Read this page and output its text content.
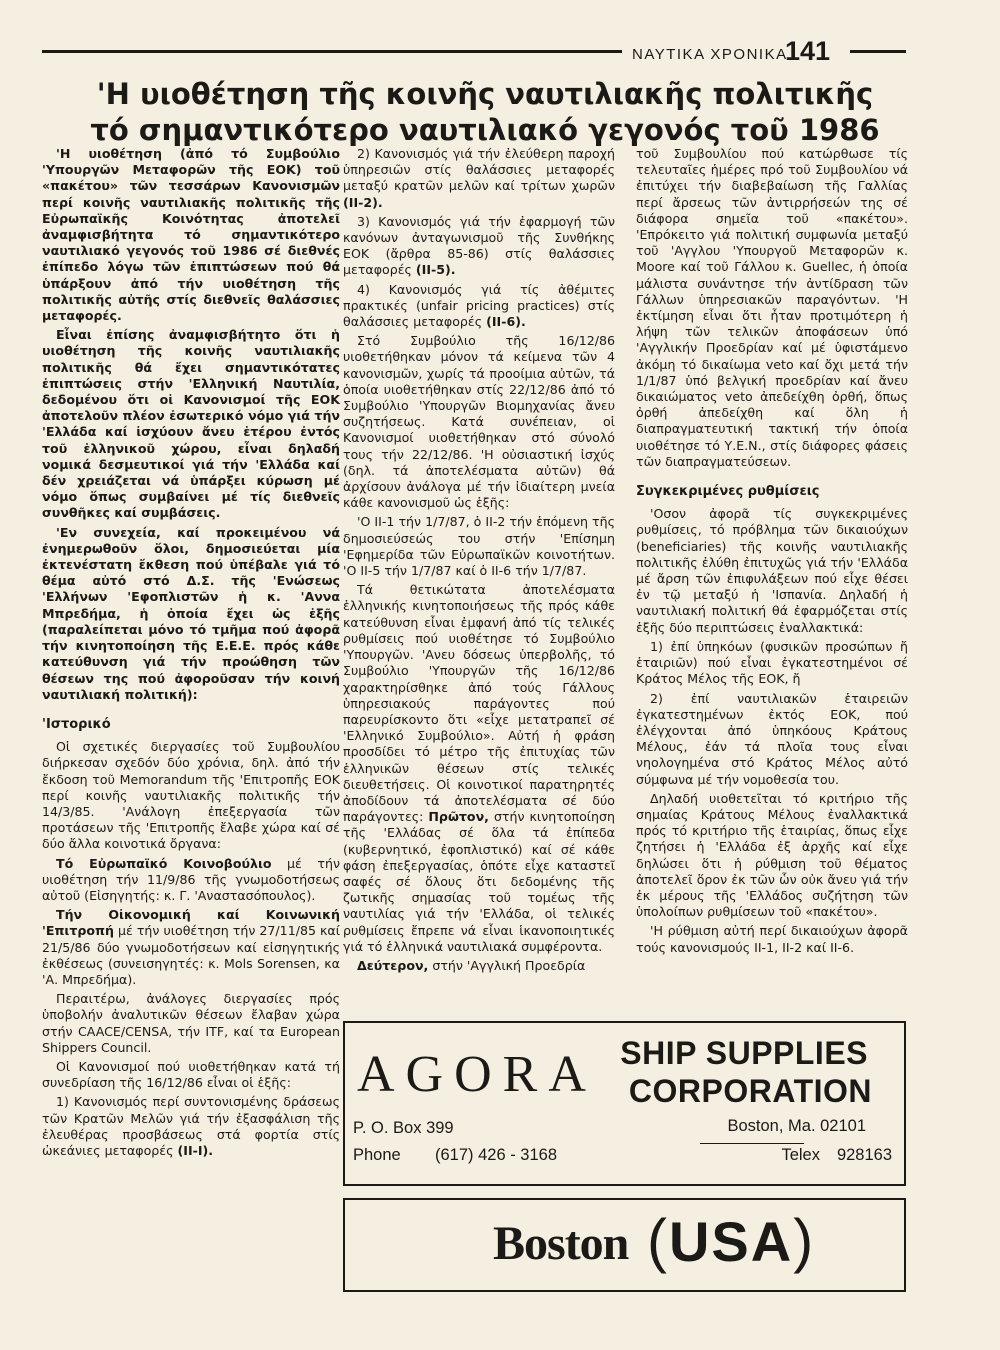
ΝΑΥΤΙΚΑ ΧΡΟΝΙΚΑ
141
'Η υιοθέτηση τῆς κοινῆς ναυτιλιακῆς πολιτικῆς
τό σημαντικότερο ναυτιλιακό γεγονός τοῦ 1986

'Η υιοθέτηση (ἀπό τό Συμβούλιο 'Υπουργῶν Μεταφορῶν τῆς ΕΟΚ) τοῦ «πακέτου» τῶν τεσσάρων Κανονισμῶν περί κοινῆς ναυτιλιακῆς πολιτικῆς τῆς Εὐρωπαϊκῆς Κοινότητας ἀποτελεῖ ἀναμφισβήτητα τό σημαντικότερο ναυτιλιακό γεγονός τοῦ 1986 σέ διεθνές ἐπίπεδο λόγω τῶν ἐπιπτώσεων πού θά ὑπάρξουν ἀπό τήν υιοθέτηση τῆς πολιτικῆς αὐτῆς στίς διεθνεῖς θαλάσσιες μεταφορές.

Εἶναι ἐπίσης ἀναμφισβήτητο ὅτι ἡ υιοθέτηση τῆς κοινῆς ναυτιλιακῆς πολιτικῆς θά ἔχει σημαντικότατες ἐπιπτώσεις στήν 'Ελληνική Ναυτιλία, δεδομένου ὅτι οἱ Κανονισμοί τῆς ΕΟΚ ἀποτελοῦν πλέον ἐσωτερικό νόμο γιά τήν 'Ελλάδα καί ἰσχύουν ἄνευ ἑτέρου ἐντός τοῦ ἑλληνικοῦ χώρου, εἶναι δηλαδή νομικά δεσμευτικοί γιά τήν 'Ελλάδα καί δέν χρειάζεται νά ὑπάρξει κύρωση μέ νόμο ὅπως συμβαίνει μέ τίς διεθνεῖς συνθῆκες καί συμβάσεις.

'Εν συνεχεία, καί προκειμένου νά ἐνημερωθοῦν ὅλοι, δημοσιεύεται μία ἐκτενέστατη ἔκθεση πού ὑπέβαλε γιά τό θέμα αὐτό στό Δ.Σ. τῆς 'Ενώσεως 'Ελλήνων 'Εφοπλιστῶν ἡ κ. 'Αννα Μπρεδήμα, ἡ ὁποία ἔχει ὡς ἑξῆς (παραλείπεται μόνο τό τμῆμα πού ἀφορᾶ τήν κινητοποίηση τῆς Ε.Ε.Ε. πρός κάθε κατεύθυνση γιά τήν προώθηση τῶν θέσεων της πού ἀφοροῦσαν τήν κοινή ναυτιλιακή πολιτική):

'Ιστορικό

Οἱ σχετικές διεργασίες τοῦ Συμβουλίου διήρκεσαν σχεδόν δύο χρόνια, δηλ. ἀπό τήν ἔκδοση τοῦ Memorandum τῆς 'Επιτροπῆς ΕΟΚ περί κοινῆς ναυτιλιακῆς πολιτικῆς τήν 14/3/85. 'Ανάλογη ἐπεξεργασία τῶν προτάσεων τῆς 'Επιτροπῆς ἔλαβε χώρα καί σέ δύο ἄλλα κοινοτικά ὄργανα:

Τό Εὐρωπαϊκό Κοινοβούλιο μέ τήν υιοθέτηση τήν 11/9/86 τῆς γνωμοδοτήσεως αὐτοῦ (Εἰσηγητής: κ. Γ. 'Αναστασόπουλος).

Τήν Οἰκονομική καί Κοινωνική 'Επιτροπή μέ τήν υιοθέτηση τήν 27/11/85 καί 21/5/86 δύο γνωμοδοτήσεων καί εἰσηγητικής ἐκθέσεως (συνεισηγητές: κ. Mols Sorensen, κα 'Α. Μπρεδήμα).

Περαιτέρω, ἀνάλογες διεργασίες πρός ὑποβολήν ἀναλυτικῶν θέσεων ἔλαβαν χώρα στήν CAACE/CENSA, τήν ITF, καί τα European Shippers Council.

Οἱ Κανονισμοί πού υιοθετήθηκαν κατά τή συνεδρίαση τῆς 16/12/86 εἶναι οἱ ἑξῆς:

1) Κανονισμός περί συντονισμένης δράσεως τῶν Κρατῶν Μελῶν γιά τήν ἐξασφάλιση τῆς ἐλευθέρας προσβάσεως στά φορτία στίς ὠκεάνιες μεταφορές (ΙΙ-Ι).

2) Κανονισμός γιά τήν ἐλεύθερη παροχή ὑπηρεσιῶν στίς θαλάσσιες μεταφορές μεταξύ κρατῶν μελῶν καί τρίτων χωρῶν (ΙΙ-2).

3) Κανονισμός γιά τήν ἐφαρμογή τῶν κανόνων ἀνταγωνισμοῦ τῆς Συνθήκης ΕΟΚ (ἄρθρα 85-86) στίς θαλάσσιες μεταφορές (ΙΙ-5).

4) Κανονισμός γιά τίς ἀθέμιτες πρακτικές (unfair pricing practices) στίς θαλάσσιες μεταφορές (ΙΙ-6).

Στό Συμβούλιο τῆς 16/12/86 υιοθετήθηκαν μόνον τά κείμενα τῶν 4 κανονισμῶν, χωρίς τά προοίμια αὐτῶν, τά ὁποία υιοθετήθηκαν στίς 22/12/86 ἀπό τό Συμβούλιο 'Υπουργῶν Βιομηχανίας ἄνευ συζητήσεως. Κατά συνέπειαν, οἱ Κανονισμοί υιοθετήθηκαν στό σύνολό τους τήν 22/12/86. 'Η οὐσιαστική ἰσχύς (δηλ. τά ἀποτελέσματα αὐτῶν) θά ἀρχίσουν ἀνάλογα μέ τήν ἰδιαίτερη μνεία κάθε κανονισμοῦ ὡς ἑξῆς:

'Ο ΙΙ-1 τήν 1/7/87, ὁ ΙΙ-2 τήν ἑπόμενη τῆς δημοσιεύσεώς του στήν 'Επίσημη 'Εφημερίδα τῶν Εὐρωπαϊκῶν κοινοτήτων. 'Ο ΙΙ-5 τήν 1/7/87 καί ὁ ΙΙ-6 τήν 1/7/87.

Τά θετικώτατα ἀποτελέσματα ἑλληνικής κινητοποιήσεως τῆς πρός κάθε κατεύθυνση εἶναι ἐμφανή ἀπό τίς τελικές ρυθμίσεις πού υιοθέτησε τό Συμβούλιο 'Υπουργῶν. 'Ανευ δόσεως ὑπερβολῆς, τό Συμβούλιο 'Υπουργῶν τῆς 16/12/86 χαρακτηρίσθηκε ἀπό τούς Γάλλους ὑπηρεσιακούς παράγοντες πού παρευρίσκοντο ὅτι «εἶχε μετατραπεῖ σέ 'Ελληνικό Συμβούλιο». Αὐτή ἡ φράση προσδίδει τό μέτρο τῆς ἐπιτυχίας τῶν ἑλληνικῶν θέσεων στίς τελικές διευθετήσεις. Οἱ κοινοτικοί παρατηρητές ἀποδίδουν τά ἀποτελέσματα σέ δύο παράγοντες: Πρῶτον, στήν κινητοποίηση τῆς 'Ελλάδας σέ ὅλα τά ἐπίπεδα (κυβερνητικό, ἐφοπλιστικό) καί σέ κάθε φάση ἐπεξεργασίας, ὁπότε εἶχε καταστεῖ σαφές σέ ὅλους ὅτι δεδομένης τῆς ζωτικῆς σημασίας τοῦ τομέως τῆς ναυτιλίας γιά τήν 'Ελλάδα, οἱ τελικές ρυθμίσεις ἔπρεπε νά εἶναι ἱκανοποιητικές γιά τό ἑλληνικά ναυτιλιακά συμφέροντα.

Δεύτερον, στήν 'Αγγλική Προεδρία

τοῦ Συμβουλίου πού κατώρθωσε τίς τελευταῖες ἡμέρες πρό τοῦ Συμβουλίου νά ἐπιτύχει τήν διαβεβαίωση τῆς Γαλλίας περί ἄρσεως τῶν ἀντιρρήσεών της σέ διάφορα σημεῖα τοῦ «πακέτου». 'Επρόκειτο γιά πολιτική συμφωνία μεταξύ τοῦ 'Αγγλου 'Υπουργοῦ Μεταφορῶν κ. Moore καί τοῦ Γάλλου κ. Guellec, ἡ ὁποία μάλιστα συνάντησε τήν ἀντίδραση τῶν Γάλλων ὑπηρεσιακῶν παραγόντων. 'Η ἐκτίμηση εἶναι ὅτι ἦταν προτιμότερη ἡ λήψη τῶν τελικῶν ἀποφάσεων ὑπό 'Αγγλικήν Προεδρίαν καί μέ ὑφιστάμενο ἀκόμη τό δικαίωμα veto καί ὄχι μετά τήν 1/1/87 ὑπό βελγική προεδρίαν καί ἄνευ δικαιώματος veto ἀπεδείχθη ὀρθή, ὅπως ὀρθή ἀπεδείχθη καί ὅλη ἡ διαπραγματευτική τακτική τήν ὁποία υιοθέτησε τό Υ.Ε.Ν., στίς διάφορες φάσεις τῶν διαπραγματεύσεων.

Συγκεκριμένες ρυθμίσεις

'Οσον ἀφορᾶ τίς συγκεκριμένες ρυθμίσεις, τό πρόβλημα τῶν δικαιούχων (beneficiaries) τῆς κοινῆς ναυτιλιακῆς πολιτικῆς ἐλύθη ἐπιτυχῶς γιά τήν 'Ελλάδα μέ ἄρση τῶν ἐπιφυλάξεων πού εἶχε θέσει ἐν τῷ μεταξύ ἡ 'Ισπανία. Δηλαδή ἡ ναυτιλιακή πολιτική θά ἐφαρμόζεται στίς ἑξῆς δύο περιπτώσεις ἐναλλακτικά:

1) ἐπί ὑπηκόων (φυσικῶν προσώπων ἤ ἑταιριῶν) πού εἶναι ἐγκατεστημένοι σέ Κράτος Μέλος τῆς ΕΟΚ, ἤ

2) ἐπί ναυτιλιακῶν ἑταιρειῶν ἐγκατεστημένων ἐκτός ΕΟΚ, πού ἐλέγχονται ἀπό ὑπηκόους Κράτους Μέλους, ἐάν τά πλοῖα τους εἶναι νηολογημένα στό Κράτος Μέλος αὐτό σύμφωνα μέ τήν νομοθεσία του.

Δηλαδή υιοθετεῖται τό κριτήριο τῆς σημαίας Κράτους Μέλους ἐναλλακτικά πρός τό κριτήριο τῆς ἑταιρίας, ὅπως εἶχε ζητήσει ἡ 'Ελλάδα ἐξ ἀρχῆς καί εἶχε δηλώσει ὅτι ἡ ρύθμιση τοῦ θέματος ἀποτελεῖ ὅρον ἐκ τῶν ὧν οὐκ ἄνευ γιά τήν ἐκ μέρους τῆς 'Ελλάδος συζήτηση τῶν ὑπολοίπων ρυθμίσεων τοῦ «πακέτου».

'Η ρύθμιση αὐτή περί δικαιούχων ἀφορᾶ τούς κανονισμούς ΙΙ-1, ΙΙ-2 καί ΙΙ-6.

AGORA SHIP SUPPLIES
CORPORATION
P. O. Box 399
Phone (617) 426 - 3168
Boston, Ma. 02101
Telex 928163
Boston (USA)
